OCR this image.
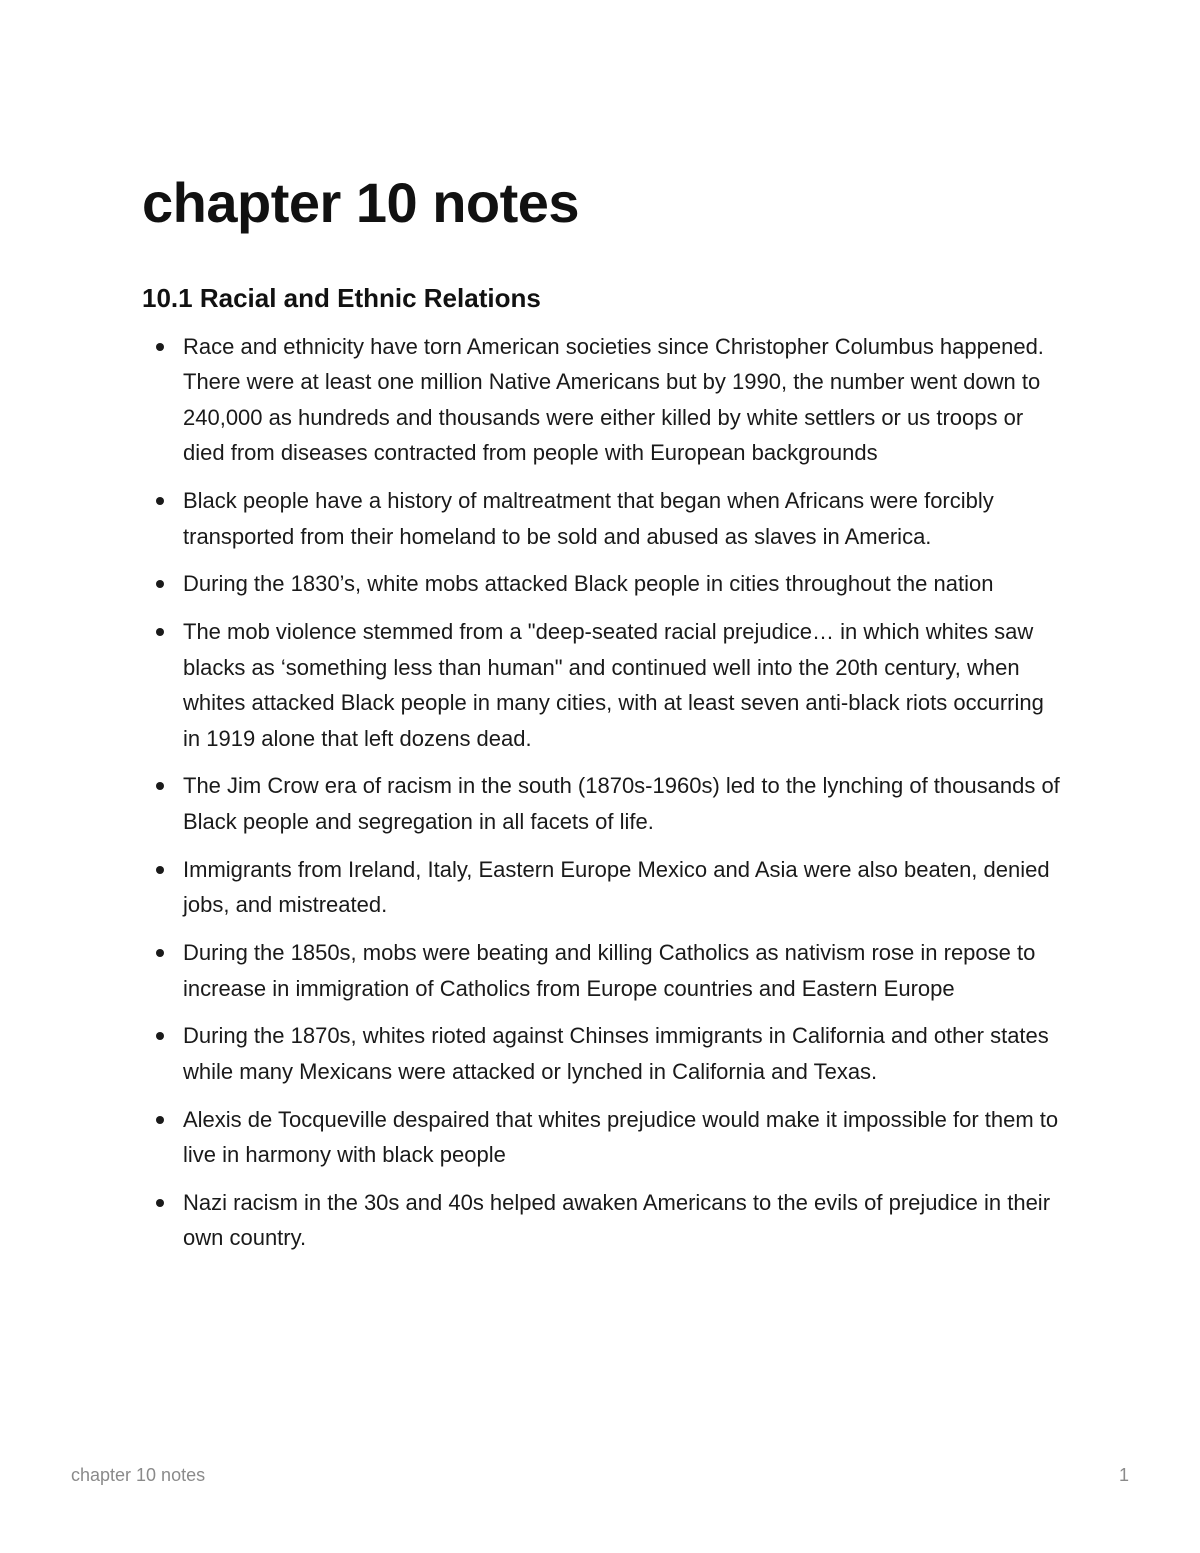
chapter 10 notes
10.1 Racial and Ethnic Relations
Race and ethnicity have torn American societies since Christopher Columbus happened. There were at least one million Native Americans but by 1990, the number went down to 240,000 as hundreds and thousands were either killed by white settlers or us troops or died from diseases contracted from people with European backgrounds
Black people have a history of maltreatment that began when Africans were forcibly transported from their homeland to be sold and abused as slaves in America.
During the 1830’s, white mobs attacked Black people in cities throughout the nation
The mob violence stemmed from a "deep-seated racial prejudice… in which whites saw blacks as ‘something less than human" and continued well into the 20th century, when whites attacked Black people in many cities, with at least seven anti-black riots occurring in 1919 alone that left dozens dead.
The Jim Crow era of racism in the south (1870s-1960s) led to the lynching of thousands of Black people and segregation in all facets of life.
Immigrants from Ireland, Italy, Eastern Europe Mexico and Asia were also beaten, denied jobs, and mistreated.
During the 1850s, mobs were beating and killing Catholics as nativism rose in repose to increase in immigration of Catholics from Europe countries and Eastern Europe
During the 1870s, whites rioted against Chinses immigrants in California and other states while many Mexicans were attacked or lynched in California and Texas.
Alexis de Tocqueville despaired that whites prejudice would make it impossible for them to live in harmony with black people
Nazi racism in the 30s and 40s helped awaken Americans to the evils of prejudice in their own country.
chapter 10 notes	1
